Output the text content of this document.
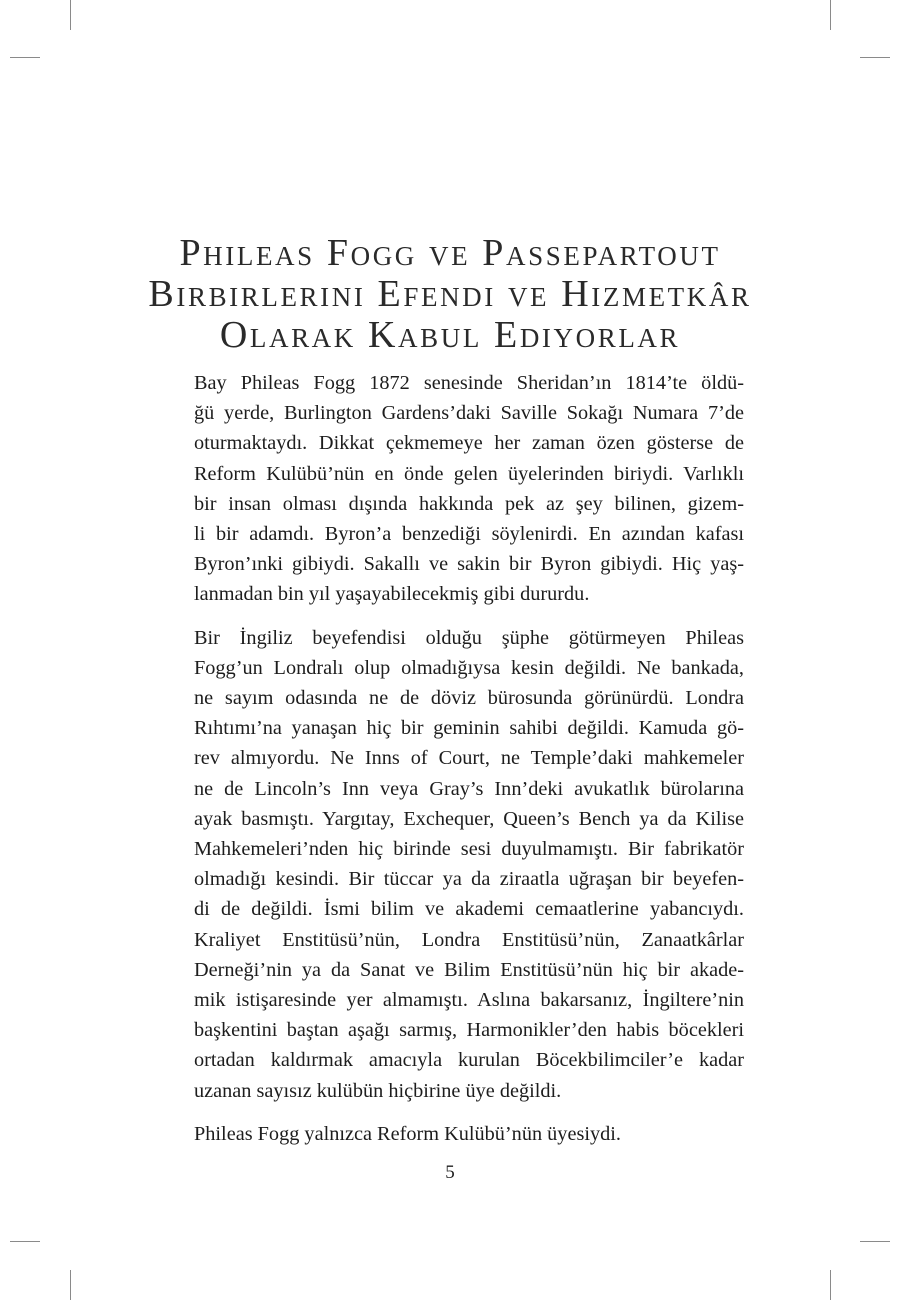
Phileas Fogg ve Passepartout
Birbirlerini Efendi ve Hizmetkâr
Olarak Kabul Ediyorlar

Bay Phileas Fogg 1872 senesinde Sheridan’ın 1814’te öldü-
ğü yerde, Burlington Gardens’daki Saville Sokağı Numara 7’de
oturmaktaydı. Dikkat çekmemeye her zaman özen gösterse de
Reform Kulübü’nün en önde gelen üyelerinden biriydi. Varlıklı
bir insan olması dışında hakkında pek az şey bilinen, gizem-
li bir adamdı. Byron’a benzediği söylenirdi. En azından kafası
Byron’ınki gibiydi. Sakallı ve sakin bir Byron gibiydi. Hiç yaş-
lanmadan bin yıl yaşayabilecekmiş gibi dururdu.

Bir İngiliz beyefendisi olduğu şüphe götürmeyen Phileas
Fogg’un Londralı olup olmadığıysa kesin değildi. Ne bankada,
ne sayım odasında ne de döviz bürosunda görünürdü. Londra
Rıhtımı’na yanaşan hiç bir geminin sahibi değildi. Kamuda gö-
rev almıyordu. Ne Inns of Court, ne Temple’daki mahkemeler
ne de Lincoln’s Inn veya Gray’s Inn’deki avukatlık bürolarına
ayak basmıştı. Yargıtay, Exchequer, Queen’s Bench ya da Kilise
Mahkemeleri’nden hiç birinde sesi duyulmamıştı. Bir fabrikatör
olmadığı kesindi. Bir tüccar ya da ziraatla uğraşan bir beyefen-
di de değildi. İsmi bilim ve akademi cemaatlerine yabancıydı.
Kraliyet Enstitüsü’nün, Londra Enstitüsü’nün, Zanaatkârlar
Derneği’nin ya da Sanat ve Bilim Enstitüsü’nün hiç bir akade-
mik istişaresinde yer almamıştı. Aslına bakarsanız, İngiltere’nin
başkentini baştan aşağı sarmış, Harmonikler’den habis böcekleri
ortadan kaldırmak amacıyla kurulan Böcekbilimciler’e kadar
uzanan sayısız kulübün hiçbirine üye değildi.

Phileas Fogg yalnızca Reform Kulübü’nün üyesiydi.

5
